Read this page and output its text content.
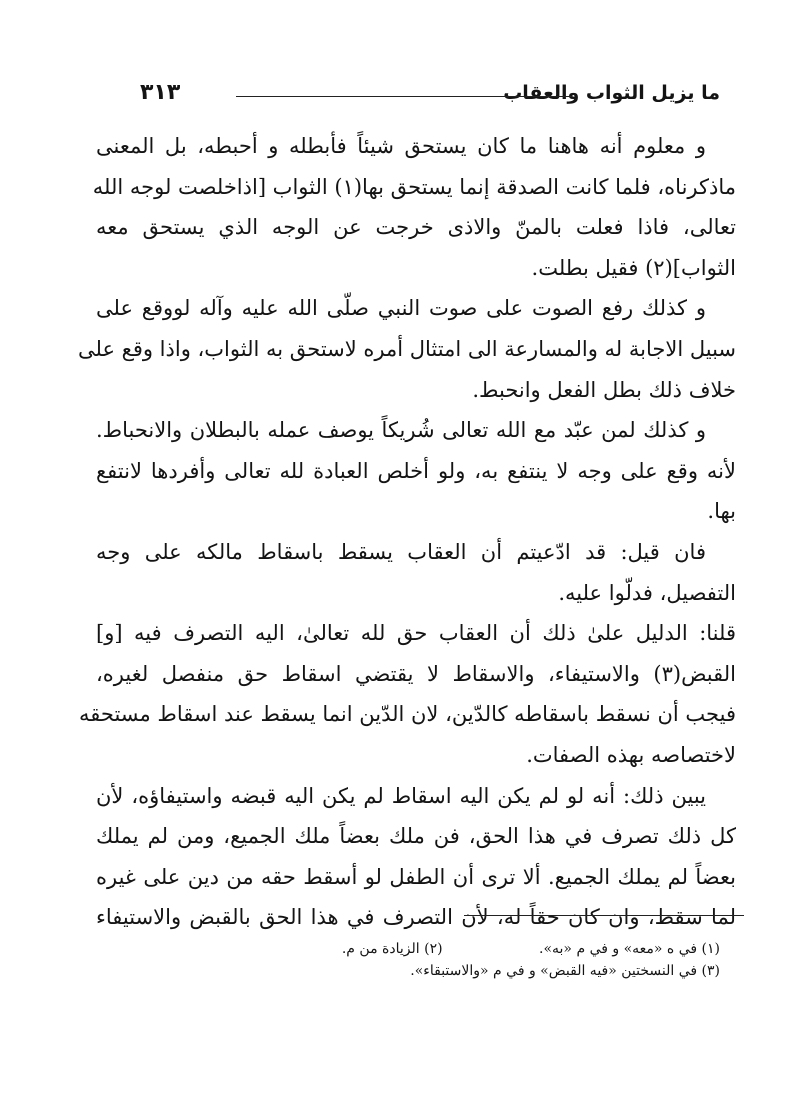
ما يزيل الثواب والعقاب
٣١٣
و معلوم أنه هاهنا ما كان يستحق شيئاً فأبطله و أحبطه، بل المعنى
ماذكرناه، فلما كانت الصدقة إنما يستحق بها(١) الثواب [اذاخلصت لوجه الله
تعالى، فاذا فعلت بالمنّ والاذى خرجت عن الوجه الذي يستحق معه
الثواب](٢) فقيل بطلت.
و كذلك رفع الصوت على صوت النبي صلّى الله عليه وآله لووقع على
سبيل الاجابة له والمسارعة الى امتثال أمره لاستحق به الثواب، واذا وقع على
خلاف ذلك بطل الفعل وانحبط.
و كذلك لمن عبّد مع الله تعالى شُريكاً يوصف عمله بالبطلان والانحباط.
لأنه وقع على وجه لا ينتفع به، ولو أخلص العبادة لله تعالى وأفردها لانتفع
بها.
فان قيل: قد ادّعيتم أن العقاب يسقط باسقاط مالكه على وجه
التفصيل، فدلّوا عليه.
قلنا: الدليل علىٰ ذلك أن العقاب حق لله تعالىٰ، اليه التصرف فيه [و]
القبض(٣) والاستيفاء، والاسقاط لا يقتضي اسقاط حق منفصل لغيره،
فيجب أن نسقط باسقاطه كالدّين، لان الدّين انما يسقط عند اسقاط مستحقه
لاختصاصه بهذه الصفات.
يبين ذلك: أنه لو لم يكن اليه اسقاط لم يكن اليه قبضه واستيفاؤه، لأن
كل ذلك تصرف في هذا الحق، فن ملك بعضاً ملك الجميع، ومن لم يملك
بعضاً لم يملك الجميع. ألا ترى أن الطفل لو أسقط حقه من دين على غيره
لما سقط، وان كان حقاً له، لأن التصرف في هذا الحق بالقبض والاستيفاء
(١) في ه «معه» و في م «به». (٢) الزيادة من م.
(٣) في النسختين «فيه القبض» و في م «والاستبقاء».
